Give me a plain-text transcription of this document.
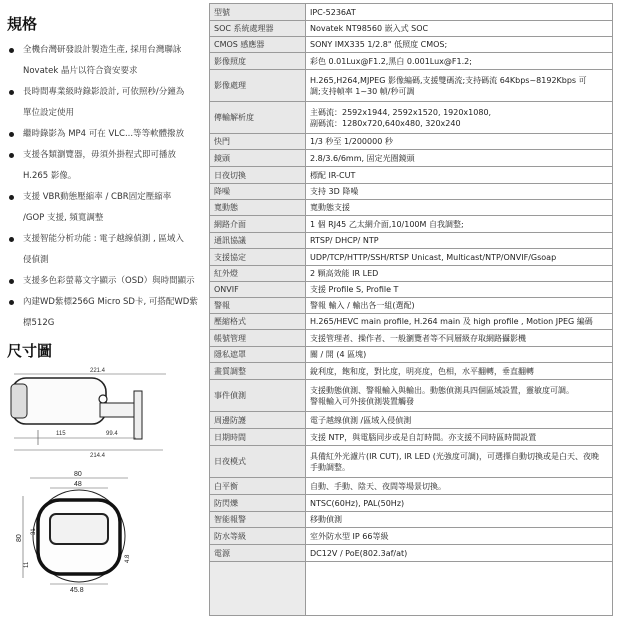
規格
全機台灣研發設計製造生產, 採用台灣聯詠
Novatek 晶片以符合資安要求
長時間專業級時錄影設計, 可依照秒/分鐘為
單位設定使用
繼時錄影為 MP4 可在 VLC...等等軟體撥放
支援各類瀏覽器，毋須外掛程式即可播放
H.265 影像。
支援 VBR動態壓縮率 / CBR固定壓縮率
/GOP 支援, 頻寬調整
支援智能分析功能 : 電子越線偵測 , 區域入
侵偵測
支援多色彩螢幕文字顯示（OSD）與時間顯示
內建WD紫標256G Micro SD卡, 可搭配WD紫
標512G
尺寸圖
221.4
115	99.4
214.4
80
48
80
31
11
4.8
45.8
型號	IPC-5236AT

SOC 系統處理器	Novatek NT98560 嵌入式 SOC

CMOS 感應器	SONY IMX335 1/2.8" 低照度 CMOS;

影像照度	彩色 0.01Lux@F1.2,黑白 0.001Lux@F1.2;

影像處理	H.265,H264,MJPEG 影像編碼,支援雙碼流;支持碼流 64Kbps~8192Kbps 可
調;支持幀率 1~30 幀/秒可調

傳輸解析度	主碼流：2592x1944, 2592x1520, 1920x1080,
副碼流：1280x720,640x480, 320x240

快門	1/3 秒至 1/200000 秒

鏡頭	2.8/3.6/6mm, 固定光圈鏡頭

日夜切換	標配 IR-CUT

降噪	支持 3D 降噪

寬動態	寬動態支援

網路介面	1 個 RJ45 乙太網介面,10/100M 自我調整;

通訊協議	RTSP/ DHCP/ NTP

支援協定	UDP/TCP/HTTP/SSH/RTSP Unicast, Multicast/NTP/ONVIF/Gsoap

紅外燈	2 顆高效能 IR LED

ONVIF	支援 Profile S, Profile T

警報	警報 輸入 / 輸出各一組(選配)

壓縮格式	H.265/HEVC main profile, H.264 main 及 high profile , Motion JPEG 編碼

帳號管理	支援管理者、操作者、一般瀏覽者等不同層級存取網路攝影機

隱私遮罩	關 / 開 (4 區塊)

畫質調整	銳利度，飽和度，對比度，明亮度，色相，水平翻轉，垂直翻轉

事件偵測	支援動態偵測、警報輸入與輸出。動態偵測具四個區域設置，靈敏度可調。
警報輸入可外接偵測裝置觸發

周邊防護	電子越線偵測 /區域入侵偵測

日期時間	支援 NTP，與電腦同步或是自訂時間。亦支援不同時區時間設置

日夜模式	具備紅外光濾片(IR CUT), IR LED (光強度可調)，可選擇自動切換或是白天、夜晚
手動調整。

白平衡	自動、手動、陰天、夜間等場景切換。

防閃爍	NTSC(60Hz), PAL(50Hz)

智能報警	移動偵測

防水等級	室外防水型 IP 66等級

電源	DC12V / PoE(802.3af/at)
